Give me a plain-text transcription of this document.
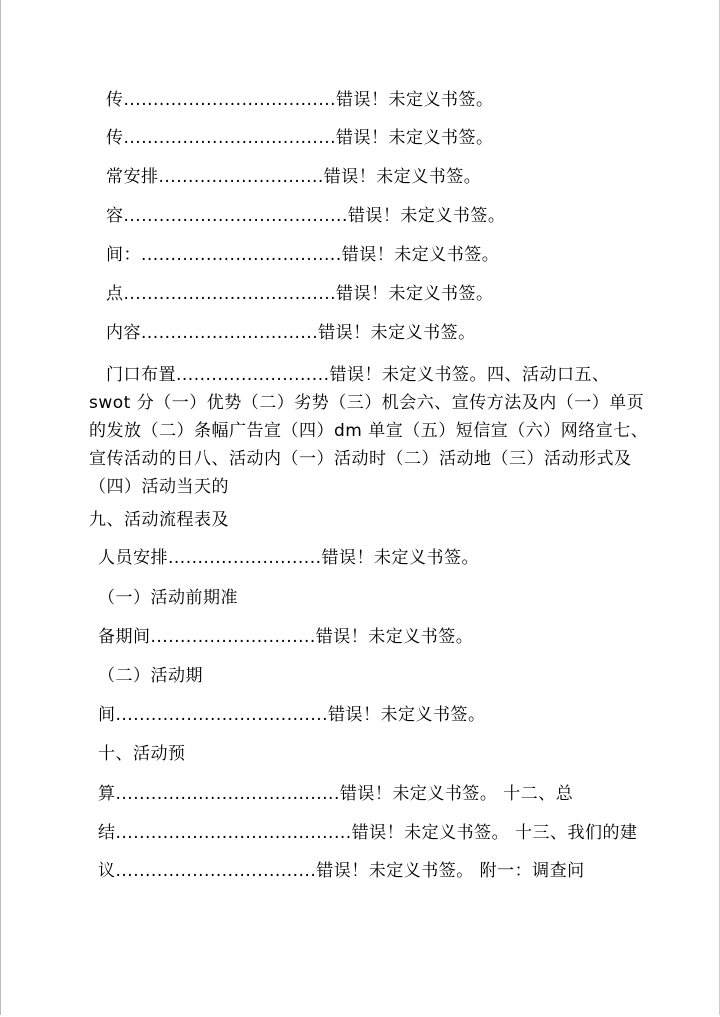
传....................................错误！未定义书签。
传....................................错误！未定义书签。
常安排............................错误！未定义书签。
容......................................错误！未定义书签。
间：..................................错误！未定义书签。
点....................................错误！未定义书签。
内容..............................错误！未定义书签。
门口布置..........................错误！未定义书签。四、活动口五、swot 分（一）优势（二）劣势（三）机会六、宣传方法及内（一）单页的发放（二）条幅广告宣（四）dm 单宣（五）短信宣（六）网络宣七、宣传活动的日八、活动内（一）活动时（二）活动地（三）活动形式及（四）活动当天的
九、活动流程表及
人员安排..........................错误！未定义书签。
（一）活动前期准
备期间............................错误！未定义书签。
（二）活动期
间....................................错误！未定义书签。
十、活动预
算......................................错误！未定义书签。 十二、总
结........................................错误！未定义书签。 十三、我们的建
议..................................错误！未定义书签。 附一：调查问
